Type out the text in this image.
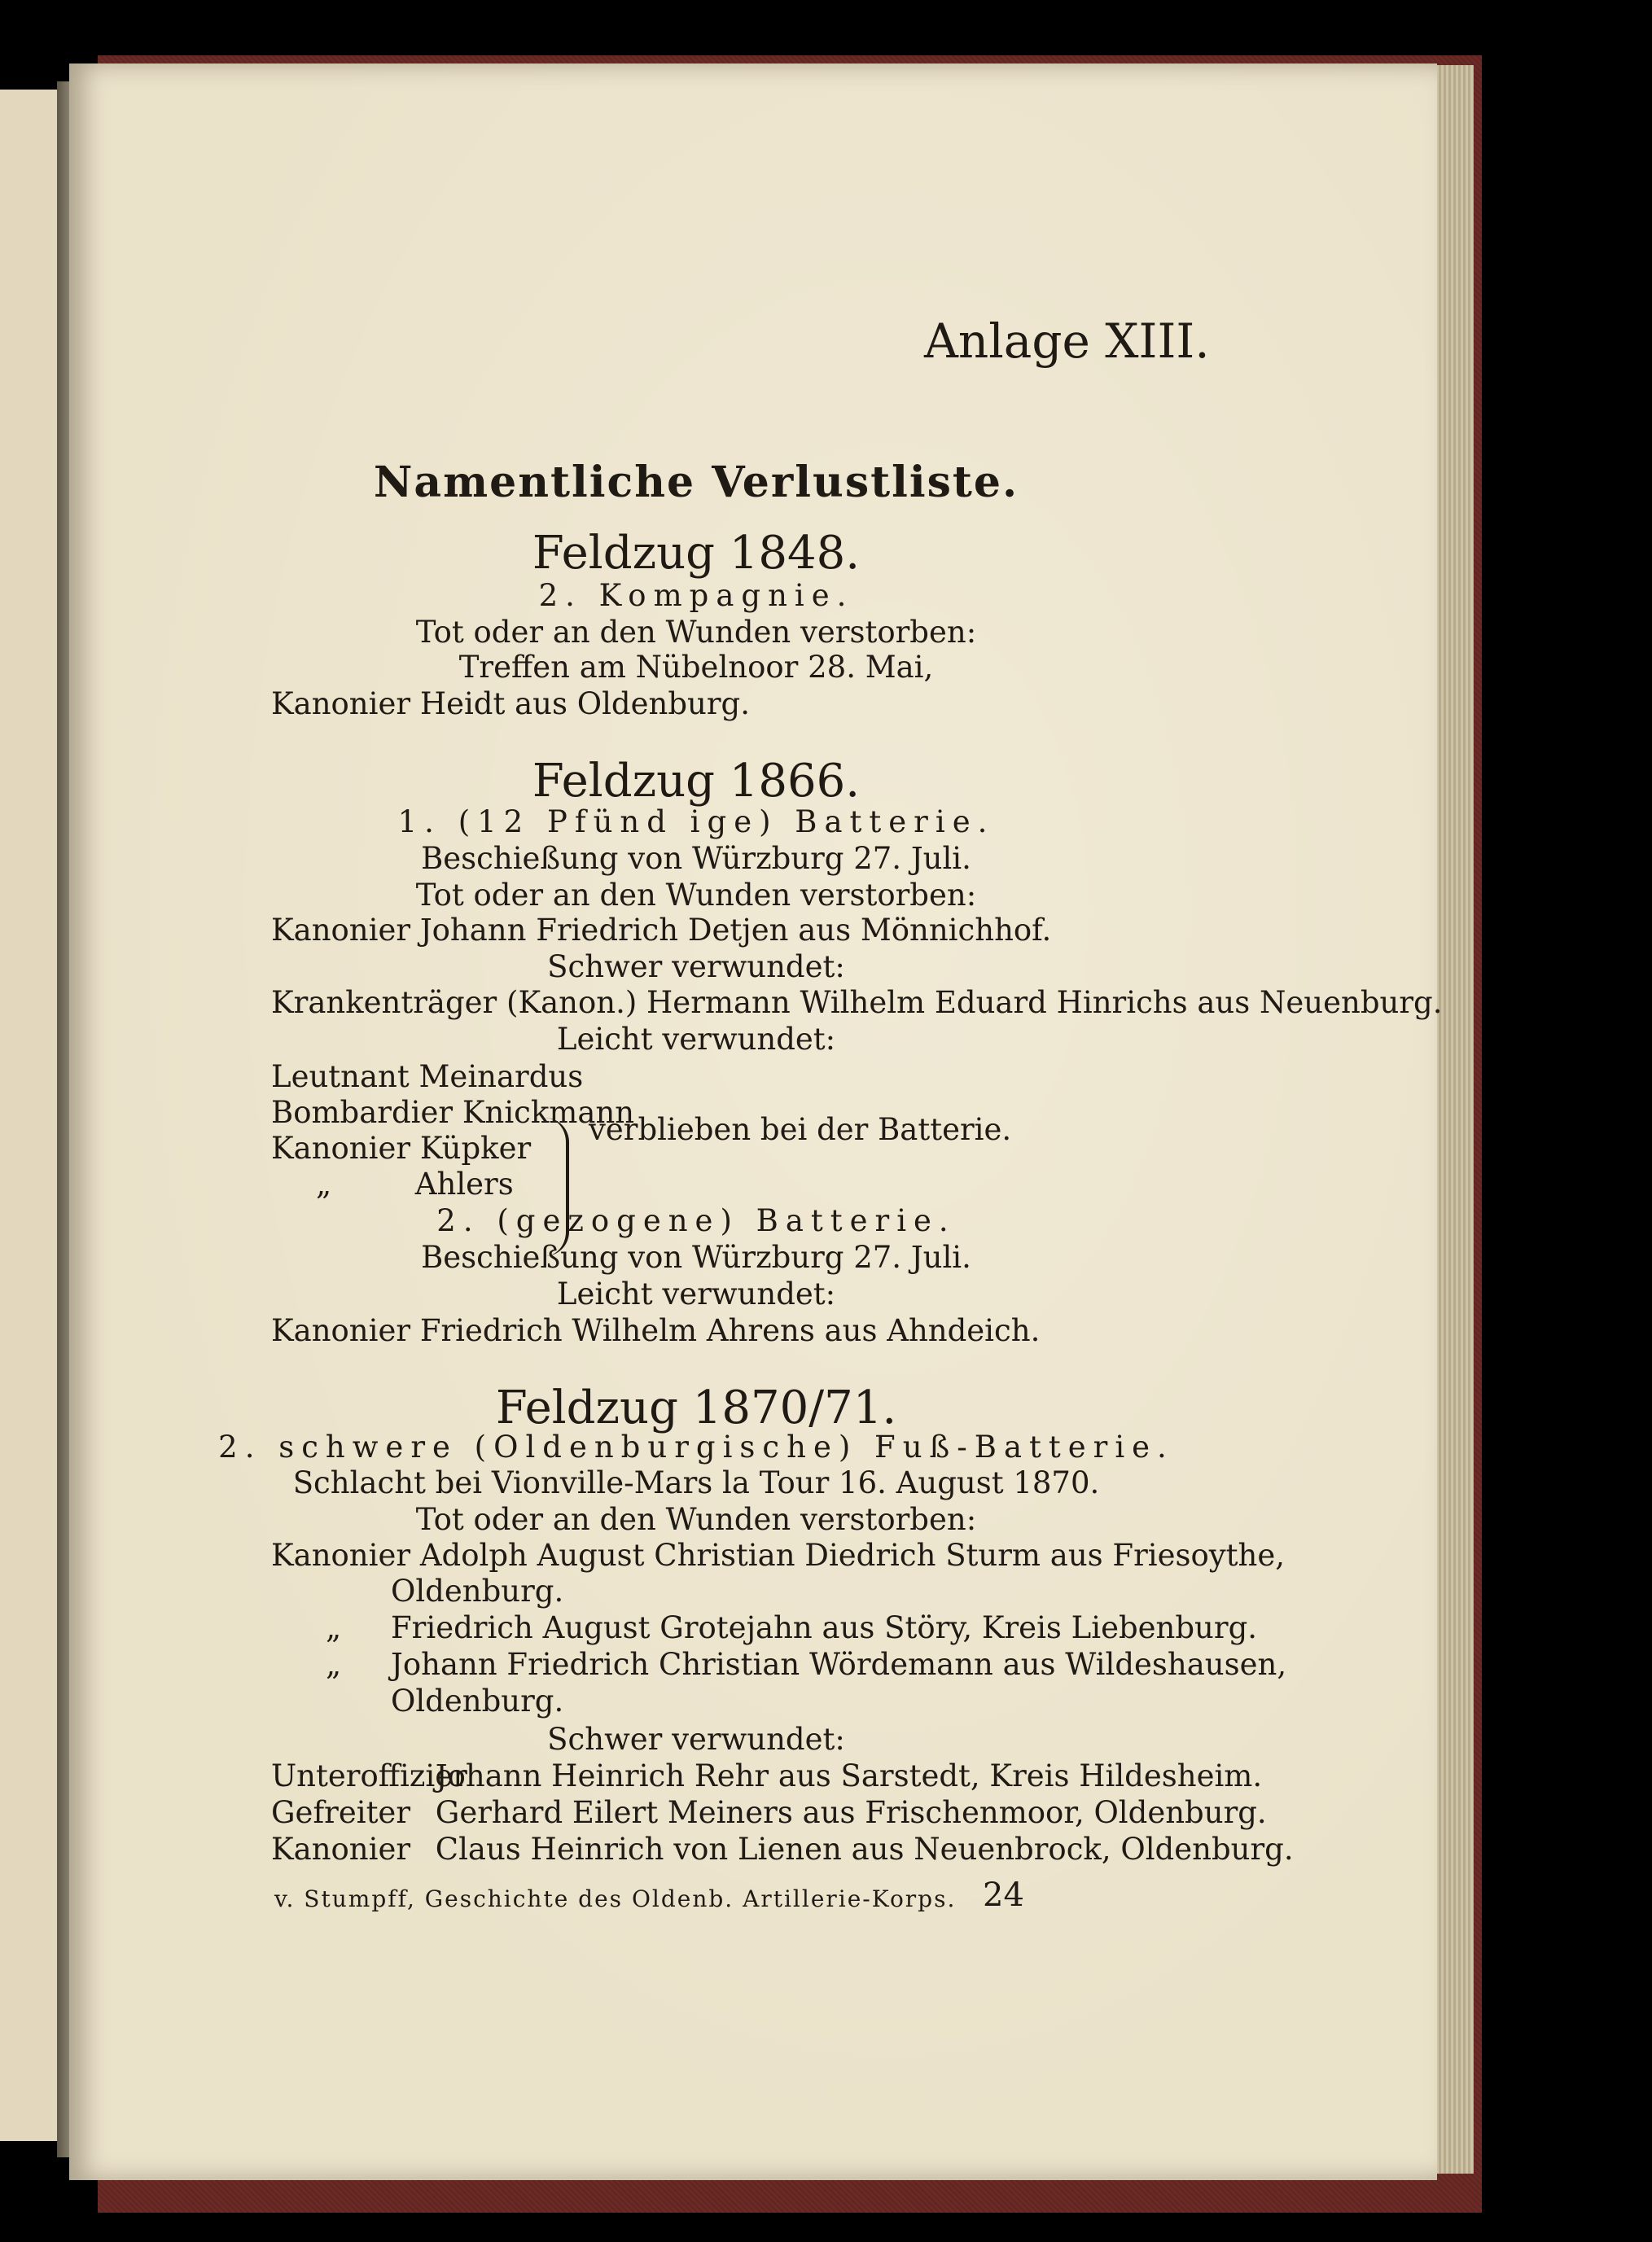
Anlage XIII.
Namentliche Verlustliste.
Feldzug 1848.
2. Kompagnie.
Tot oder an den Wunden verstorben:
Treffen am Nübelnoor 28. Mai,
Kanonier Heidt aus Oldenburg.
Feldzug 1866.
1. (12 Pfünd ige) Batterie.
Beschießung von Würzburg 27. Juli.
Tot oder an den Wunden verstorben:
Kanonier Johann Friedrich Detjen aus Mönnichhof.
Schwer verwundet:
Krankenträger (Kanon.) Hermann Wilhelm Eduard Hinrichs aus Neuenburg.
Leicht verwundet:
Leutnant Meinardus
Bombardier Knickmann
Kanonier Küpker
„	Ahlers
verblieben bei der Batterie.
2. (gezogene) Batterie.
Beschießung von Würzburg 27. Juli.
Leicht verwundet:
Kanonier Friedrich Wilhelm Ahrens aus Ahndeich.
Feldzug 1870/71.
2. schwere (Oldenburgische) Fuß-Batterie.
Schlacht bei Vionville-Mars la Tour 16. August 1870.
Tot oder an den Wunden verstorben:
Kanonier Adolph August Christian Diedrich Sturm aus Friesoythe,
Oldenburg.
„ Friedrich August Grotejahn aus Störy, Kreis Liebenburg.
„ Johann Friedrich Christian Wördemann aus Wildeshausen,
Oldenburg.
Schwer verwundet:
Unteroffizier Johann Heinrich Rehr aus Sarstedt, Kreis Hildesheim.
Gefreiter Gerhard Eilert Meiners aus Frischenmoor, Oldenburg.
Kanonier Claus Heinrich von Lienen aus Neuenbrock, Oldenburg.
v. Stumpff, Geschichte des Oldenb. Artillerie-Korps. 24
